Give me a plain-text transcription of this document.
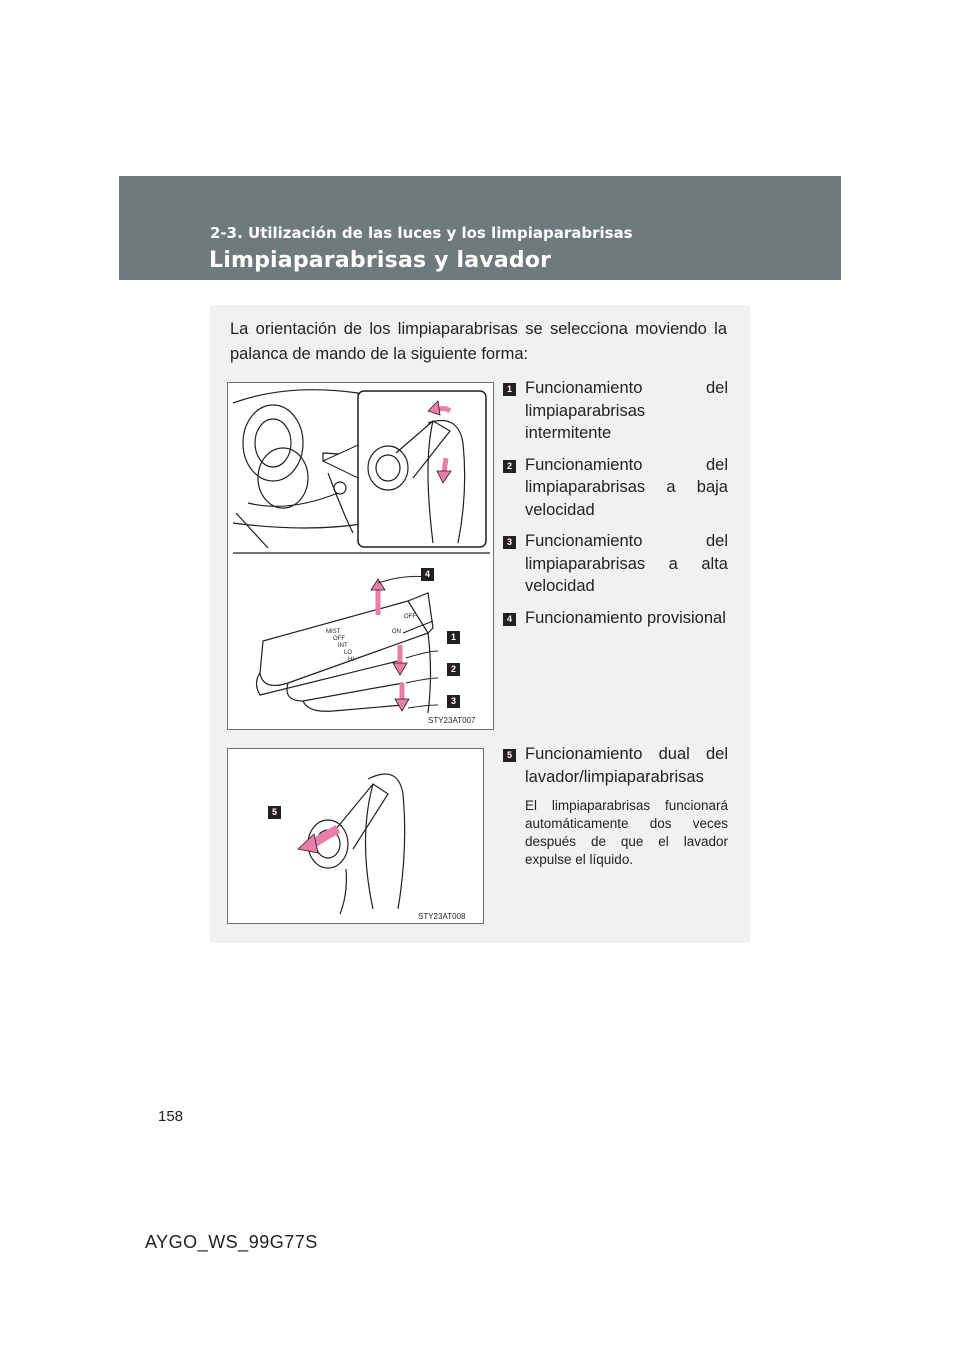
2-3. Utilización de las luces y los limpiaparabrisas
Limpiaparabrisas y lavador
La orientación de los limpiaparabrisas se selecciona moviendo la palanca de mando de la siguiente forma:
MIST
OFF
INT
LO
HI
OFF
ON
STY23AT007
4
1
2
3
1 Funcionamiento del limpiaparabrisas intermitente
2 Funcionamiento del limpiaparabrisas a baja velocidad
3 Funcionamiento del limpiaparabrisas a alta velocidad
4 Funcionamiento provisional
STY23AT008
5
5 Funcionamiento dual del lavador/limpiaparabrisas
El limpiaparabrisas funcionará automáticamente dos veces después de que el lavador expulse el líquido.
158
AYGO_WS_99G77S
